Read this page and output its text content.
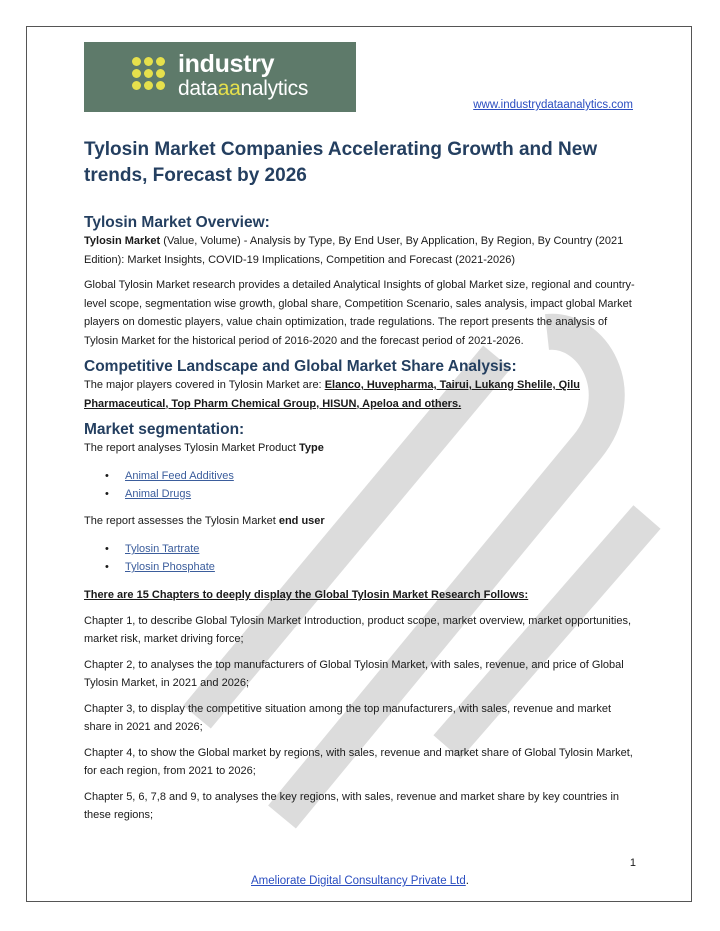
industry
dataaanalytics
www.industrydataanalytics.com
Tylosin Market Companies Accelerating Growth and New trends, Forecast by 2026
Tylosin Market Overview:

Tylosin Market (Value, Volume) - Analysis by Type, By End User, By Application, By Region, By Country (2021 Edition): Market Insights, COVID-19 Implications, Competition and Forecast (2021-2026)

Global Tylosin Market research provides a detailed Analytical Insights of global Market size, regional and country-level scope, segmentation wise growth, global share, Competition Scenario, sales analysis, impact global Market players on domestic players, value chain optimization, trade regulations. The report presents the analysis of Tylosin Market for the historical period of 2016-2020 and the forecast period of 2021-2026.

Competitive Landscape and Global Market Share Analysis:

The major players covered in Tylosin Market are: Elanco, Huvepharma, Tairui, Lukang Shelile, Qilu Pharmaceutical, Top Pharm Chemical Group, HISUN, Apeloa and others.

Market segmentation:

The report analyses Tylosin Market Product Type

• Animal Feed Additives
• Animal Drugs

The report assesses the Tylosin Market end user

• Tylosin Tartrate
• Tylosin Phosphate

There are 15 Chapters to deeply display the Global Tylosin Market Research Follows:

Chapter 1, to describe Global Tylosin Market Introduction, product scope, market overview, market opportunities, market risk, market driving force;

Chapter 2, to analyses the top manufacturers of Global Tylosin Market, with sales, revenue, and price of Global Tylosin Market, in 2021 and 2026;

Chapter 3, to display the competitive situation among the top manufacturers, with sales, revenue and market share in 2021 and 2026;

Chapter 4, to show the Global market by regions, with sales, revenue and market share of Global Tylosin Market, for each region, from 2021 to 2026;

Chapter 5, 6, 7,8 and 9, to analyses the key regions, with sales, revenue and market share by key countries in these regions;

1
Ameliorate Digital Consultancy Private Ltd.
